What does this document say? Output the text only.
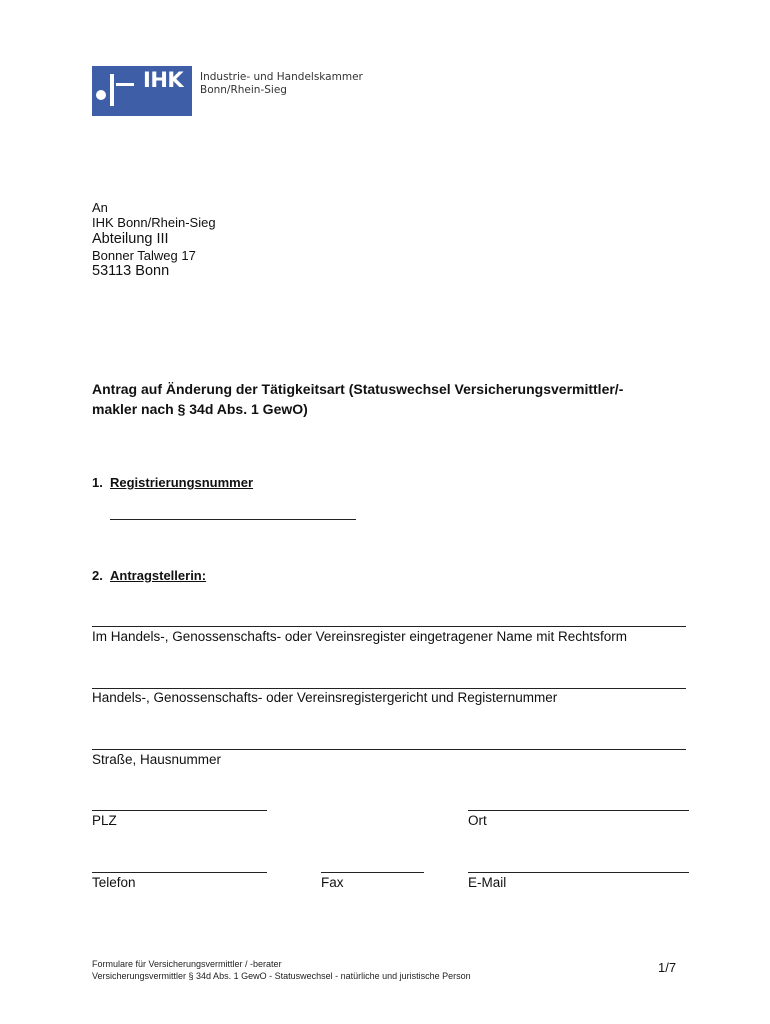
IHK Industrie- und Handelskammer
Bonn/Rhein-Sieg
An
IHK Bonn/Rhein-Sieg
Abteilung III
Bonner Talweg 17
53113 Bonn
Antrag auf Änderung der Tätigkeitsart (Statuswechsel Versicherungsvermittler/-
makler nach § 34d Abs. 1 GewO)
1. Registrierungsnummer
2. Antragstellerin:
Im Handels-, Genossenschafts- oder Vereinsregister eingetragener Name mit Rechtsform
Handels-, Genossenschafts- oder Vereinsregistergericht und Registernummer
Straße, Hausnummer
PLZ	Ort
Telefon	Fax	E-Mail
Formulare für Versicherungsvermittler / -berater
Versicherungsvermittler § 34d Abs. 1 GewO - Statuswechsel - natürliche und juristische Person
1/7
